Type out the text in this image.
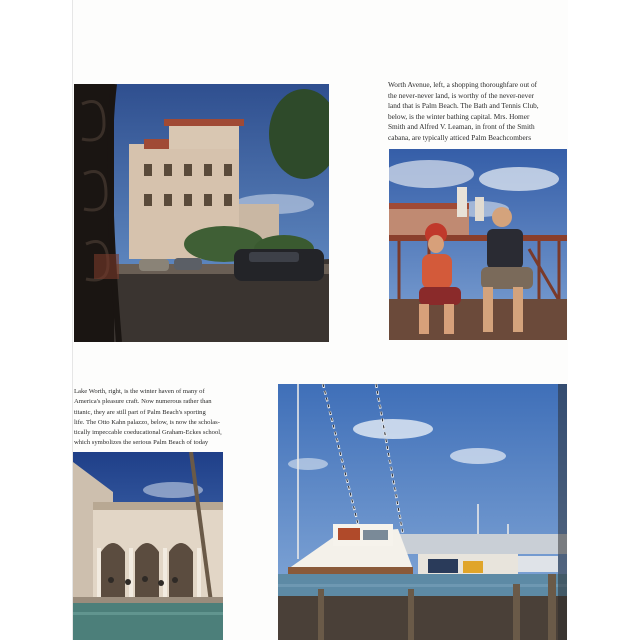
Worth Avenue, left, a shopping thoroughfare out of
the never-never land, is worthy of the never-never
land that is Palm Beach. The Bath and Tennis Club,
below, is the winter bathing capital. Mrs. Homer
Smith and Alfred V. Leaman, in front of the Smith
cabana, are typically atticed Palm Beachcombers
Lake Worth, right, is the winter haven of many of
America's pleasure craft. Now numerous rather than
titanic, they are still part of Palm Beach's sporting
life. The Otto Kahn palazzo, below, is now the scholas-
tically impeccable coeducational Graham-Eckes school,
which symbolizes the serious Palm Beach of today
